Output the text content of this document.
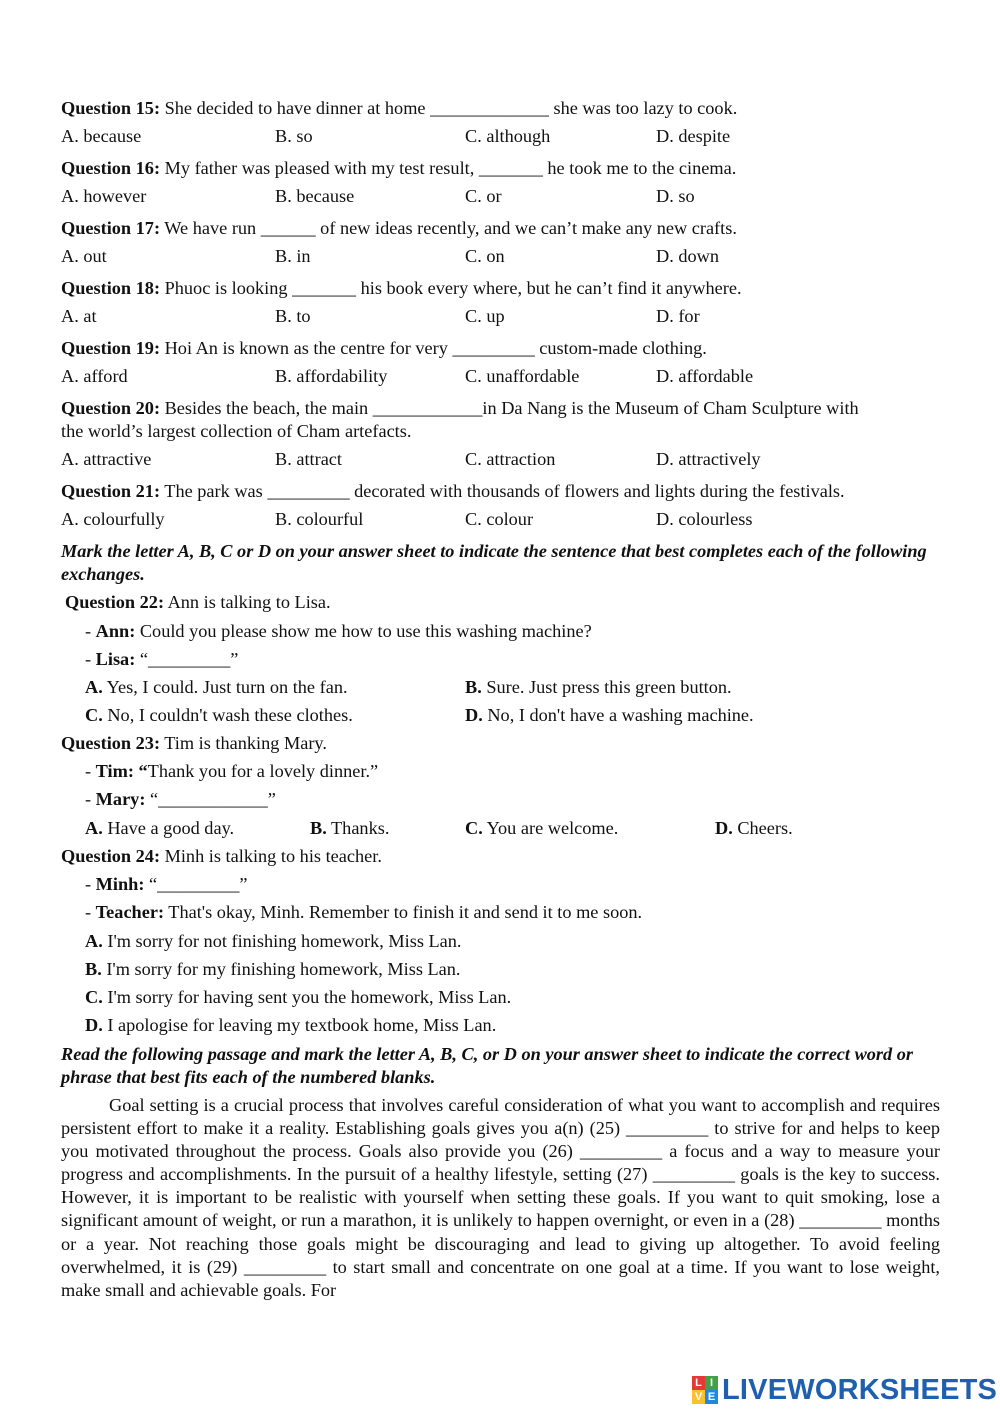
Question 15: She decided to have dinner at home _____________ she was too lazy to cook.
A. because	B. so	C. although	D. despite
Question 16: My father was pleased with my test result, _______ he took me to the cinema.
A. however	B. because	C. or	D. so
Question 17: We have run ______ of new ideas recently, and we can’t make any new crafts.
A. out	B. in	C. on	D. down
Question 18: Phuoc is looking _______ his book every where, but he can’t find it anywhere.
A. at	B. to	C. up	D. for
Question 19: Hoi An is known as the centre for very _________ custom-made clothing.
A. afford	B. affordability	C. unaffordable	D. affordable
Question 20: Besides the beach, the main ____________in Da Nang is the Museum of Cham Sculpture with
the world’s largest collection of Cham artefacts.
A. attractive	B. attract	C. attraction	D. attractively
Question 21: The park was _________ decorated with thousands of flowers and lights during the festivals.
A. colourfully	B. colourful	C. colour	D. colourless
Mark the letter A, B, C or D on your answer sheet to indicate the sentence that best completes each of the following exchanges.
Question 22: Ann is talking to Lisa.
- Ann: Could you please show me how to use this washing machine?
- Lisa: “_________”
A. Yes, I could. Just turn on the fan.	B. Sure. Just press this green button.
C. No, I couldn't wash these clothes.	D. No, I don't have a washing machine.
Question 23: Tim is thanking Mary.
- Tim: “Thank you for a lovely dinner.”
- Mary: “____________”
A. Have a good day.	B. Thanks.	C. You are welcome.	D. Cheers.
Question 24: Minh is talking to his teacher.
- Minh: “_________”
- Teacher: That's okay, Minh. Remember to finish it and send it to me soon.
A. I'm sorry for not finishing homework, Miss Lan.
B. I'm sorry for my finishing homework, Miss Lan.
C. I'm sorry for having sent you the homework, Miss Lan.
D. I apologise for leaving my textbook home, Miss Lan.
Read the following passage and mark the letter A, B, C, or D on your answer sheet to indicate the correct word or phrase that best fits each of the numbered blanks.
Goal setting is a crucial process that involves careful consideration of what you want to accomplish and requires persistent effort to make it a reality. Establishing goals gives you a(n) (25) _________ to strive for and helps to keep you motivated throughout the process. Goals also provide you (26) _________ a focus and a way to measure your progress and accomplishments. In the pursuit of a healthy lifestyle, setting (27) _________ goals is the key to success. However, it is important to be realistic with yourself when setting these goals. If you want to quit smoking, lose a significant amount of weight, or run a marathon, it is unlikely to happen overnight, or even in a (28) _________ months or a year. Not reaching those goals might be discouraging and lead to giving up altogether. To avoid feeling overwhelmed, it is (29) _________ to start small and concentrate on one goal at a time. If you want to lose weight, make small and achievable goals. For
L I
V E LIVEWORKSHEETS
